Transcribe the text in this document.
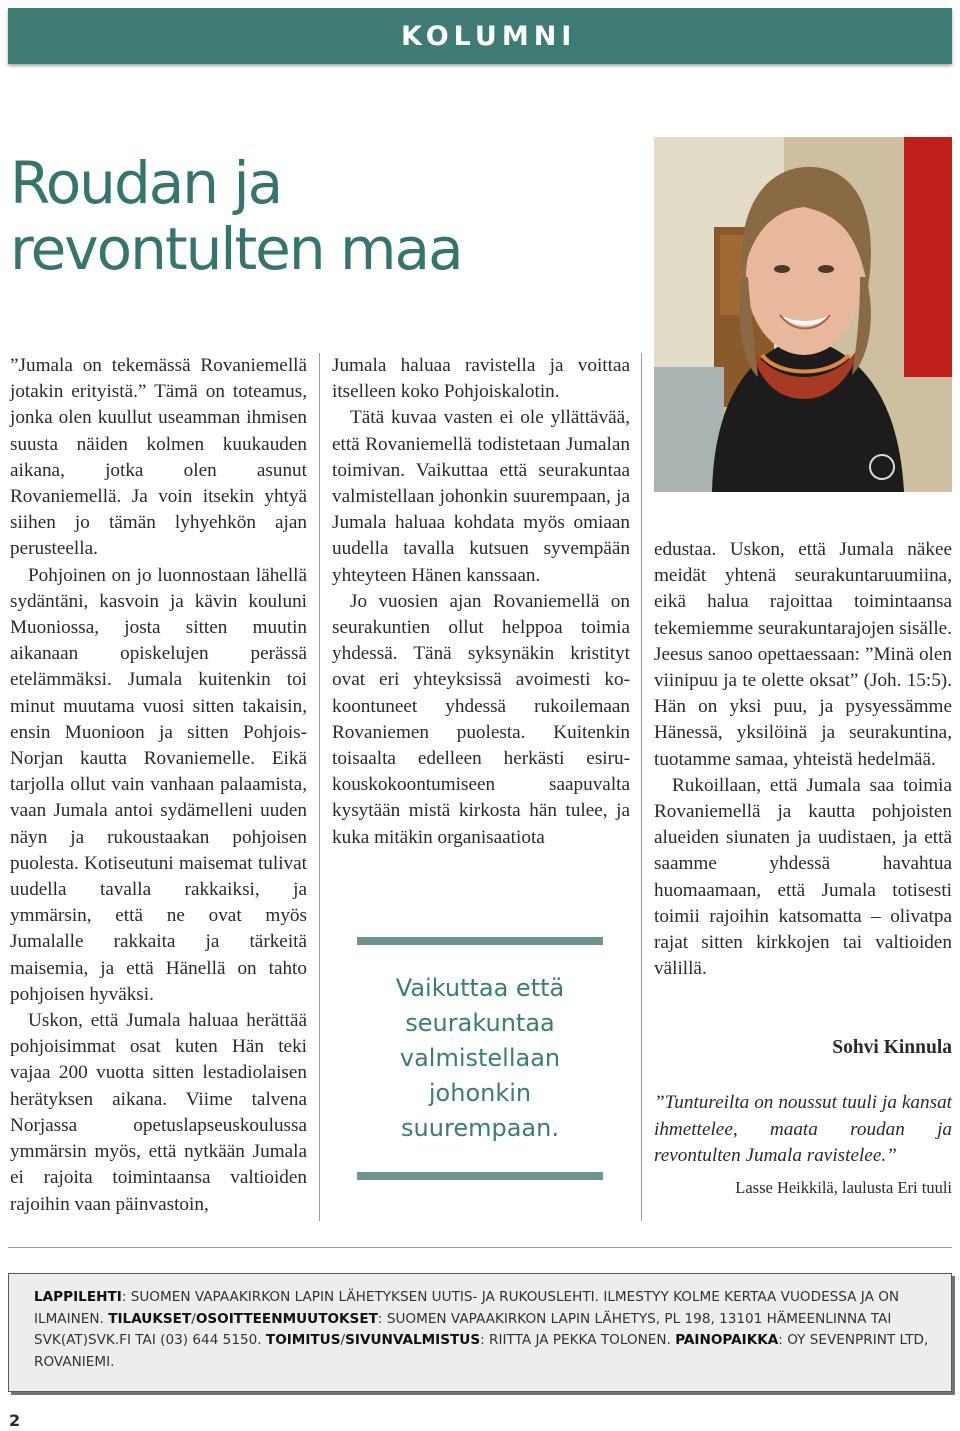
KOLUMNI
Roudan ja
revontulten maa

”Jumala on tekemässä Rovaniemellä jotakin erityistä.” Tämä on toteamus, jonka olen kuullut useamman ihmisen suusta näiden kolmen kuukauden aikana, jotka olen asunut Rovaniemellä. Ja voin itsekin yhtyä siihen jo tämän lyhyehkön ajan perusteella.

Pohjoinen on jo luonnostaan lähellä sydäntäni, kasvoin ja kävin kouluni Muoniossa, josta sitten muutin aikanaan opiskelujen perässä etelämmäksi. Jumala kuitenkin toi minut muutama vuosi sitten takaisin, ensin Muonioon ja sitten Pohjois-Norjan kautta Rovaniemelle. Eikä tarjolla ollut vain vanhaan palaamista, vaan Jumala antoi sydämelleni uuden näyn ja rukoustaakan pohjoisen puolesta. Kotiseutuni maisemat tulivat uudella tavalla rakkaiksi, ja ymmärsin, että ne ovat myös Jumalalle rakkaita ja tärkeitä maisemia, ja että Hänellä on tahto pohjoisen hyväksi.

Uskon, että Jumala haluaa herättää pohjoisimmat osat kuten Hän teki vajaa 200 vuotta sitten lestadiolaisen herätyksen aikana. Viime talvena Norjassa opetuslapseuskoulussa ymmärsin myös, että nytkään Jumala ei rajoita toimintaansa valtioiden rajoihin vaan päinvastoin,

Jumala haluaa ravistella ja voittaa itselleen koko Pohjoiskalotin.

Tätä kuvaa vasten ei ole yllättävää, että Rovaniemellä todistetaan Jumalan toimivan. Vaikuttaa että seurakuntaa valmistellaan johonkin suurempaan, ja Jumala haluaa kohdata myös omiaan uudella tavalla kutsuen syvempään yhteyteen Hänen kanssaan.

Jo vuosien ajan Rovaniemellä on seurakuntien ollut helppoa toimia yhdessä. Tänä syksynäkin kristityt ovat eri yhteyksissä avoimesti kokoontuneet yhdessä rukoilemaan Rovaniemen puolesta. Kuitenkin toisaalta edelleen herkästi esirukouskokoontumiseen saapuvalta kysytään mistä kirkosta hän tulee, ja kuka mitäkin organisaatiota

Vaikuttaa että seurakuntaa valmistellaan johonkin suurempaan.

edustaa. Uskon, että Jumala näkee meidät yhtenä seurakuntaruumiina, eikä halua rajoittaa toimintaansa tekemiemme seurakuntarajojen sisälle. Jeesus sanoo opettaessaan: ”Minä olen viinipuu ja te olette oksat” (Joh. 15:5). Hän on yksi puu, ja pysyessämme Hänessä, yksilöinä ja seurakuntina, tuotamme samaa, yhteistä hedelmää.

Rukoillaan, että Jumala saa toimia Rovaniemellä ja kautta pohjoisten alueiden siunaten ja uudistaen, ja että saamme yhdessä havahtua huomaamaan, että Jumala totisesti toimii rajoihin katsomatta – olivatpa rajat sitten kirkkojen tai valtioiden välillä.

Sohvi Kinnula
”Tuntureilta on noussut tuuli ja kansat ihmettelee, maata roudan ja revontulten Jumala ravistelee.”
Lasse Heikkilä, laulusta Eri tuuli
LAPPILEHTI: SUOMEN VAPAAKIRKON LAPIN LÄHETYKSEN UUTIS- JA RUKOUSLEHTI. ILMESTYY KOLME KERTAA VUODESSA JA ON ILMAINEN. TILAUKSET/OSOITTEENMUUTOKSET: SUOMEN VAPAAKIRKON LAPIN LÄHETYS, PL 198, 13101 HÄMEENLINNA TAI SVK(AT)SVK.FI TAI (03) 644 5150. TOIMITUS/SIVUNVALMISTUS: RIITTA JA PEKKA TOLONEN. PAINOPAIKKA: OY SEVENPRINT LTD, ROVANIEMI.
2
